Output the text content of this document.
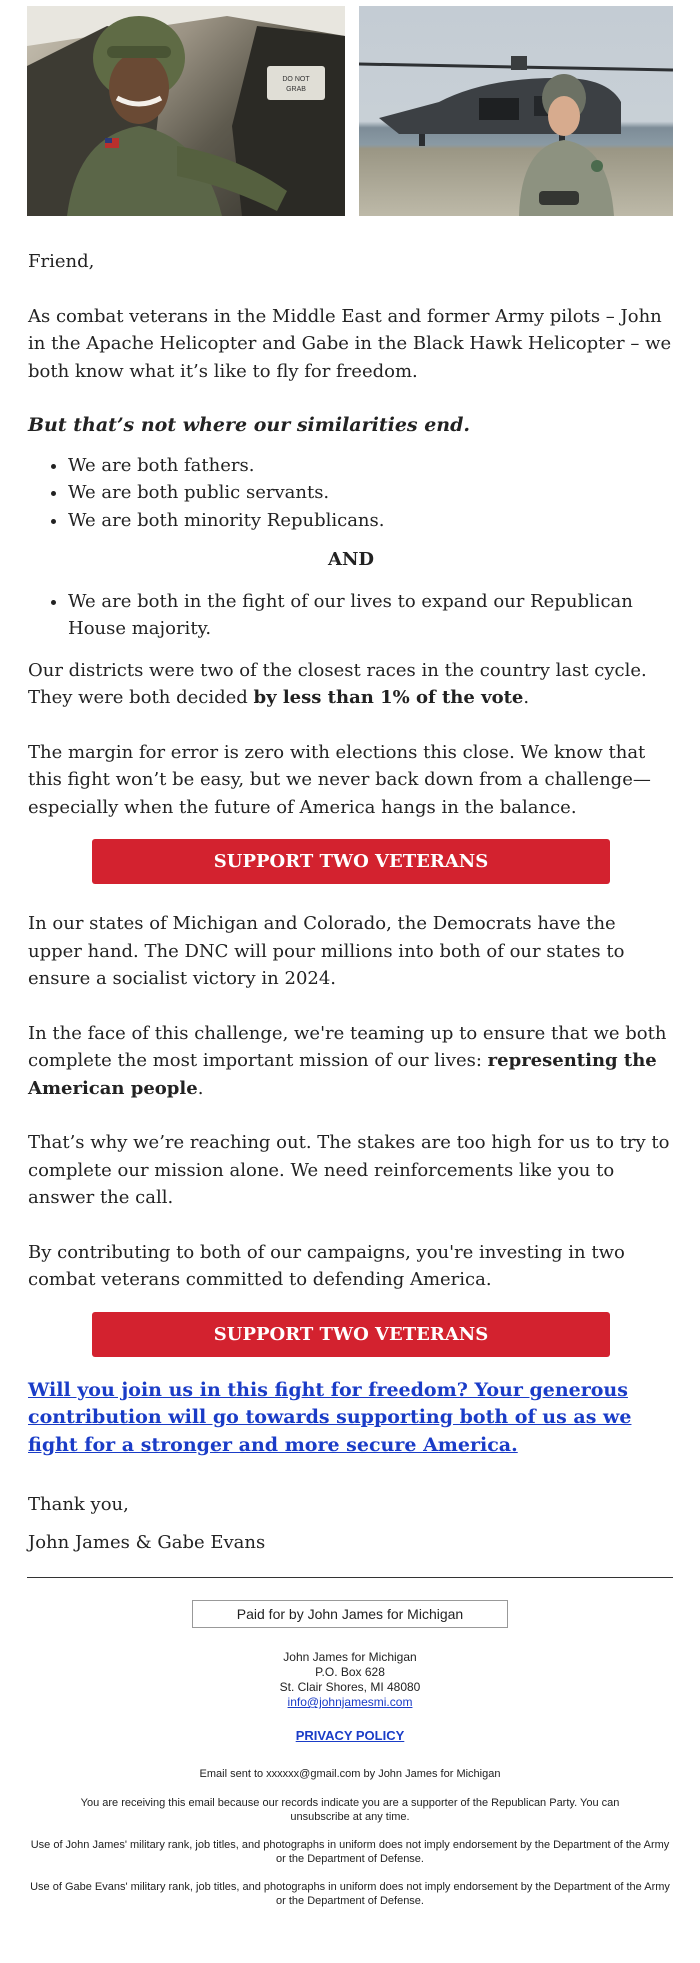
DO NOT
GRAB

Friend,

As combat veterans in the Middle East and former Army pilots – John in the Apache Helicopter and Gabe in the Black Hawk Helicopter – we both know what it’s like to fly for freedom.

But that’s not where our similarities end.

• We are both fathers.
• We are both public servants.
• We are both minority Republicans.
AND
• We are both in the fight of our lives to expand our Republican House majority.

Our districts were two of the closest races in the country last cycle. They were both decided by less than 1% of the vote.

The margin for error is zero with elections this close. We know that this fight won’t be easy, but we never back down from a challenge— especially when the future of America hangs in the balance.

SUPPORT TWO VETERANS

In our states of Michigan and Colorado, the Democrats have the upper hand. The DNC will pour millions into both of our states to ensure a socialist victory in 2024.

In the face of this challenge, we're teaming up to ensure that we both complete the most important mission of our lives: representing the American people.

That’s why we’re reaching out. The stakes are too high for us to try to complete our mission alone. We need reinforcements like you to answer the call.

By contributing to both of our campaigns, you're investing in two combat veterans committed to defending America.

SUPPORT TWO VETERANS

Will you join us in this fight for freedom? Your generous contribution will go towards supporting both of us as we fight for a stronger and more secure America.

Thank you,

John James & Gabe Evans

Paid for by John James for Michigan
John James for Michigan
P.O. Box 628
St. Clair Shores, MI 48080
info@johnjamesmi.com
PRIVACY POLICY
Email sent to xxxxxx@gmail.com by John James for Michigan
You are receiving this email because our records indicate you are a supporter of the Republican Party. You can unsubscribe at any time.
Use of John James' military rank, job titles, and photographs in uniform does not imply endorsement by the Department of the Army or the Department of Defense.
Use of Gabe Evans' military rank, job titles, and photographs in uniform does not imply endorsement by the Department of the Army or the Department of Defense.
